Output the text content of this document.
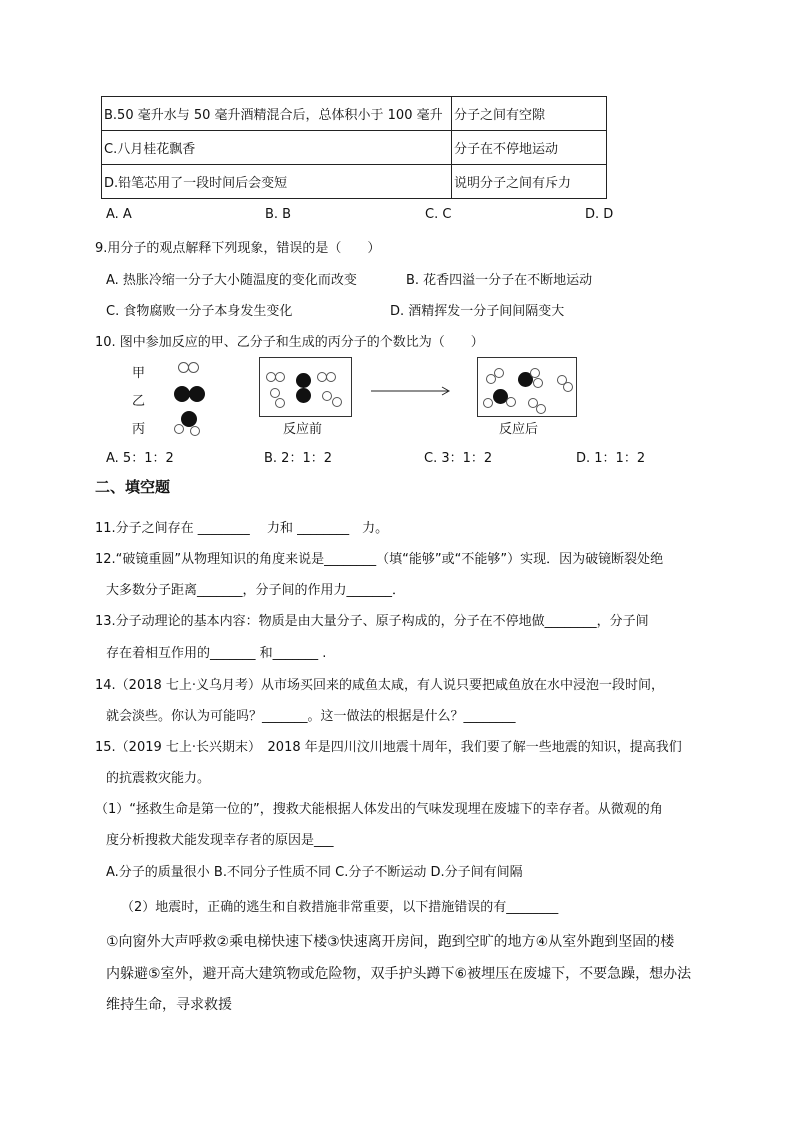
B.50 毫升水与 50 毫升酒精混合后，总体积小于 100 毫升	分子之间有空隙
C.八月桂花飘香	分子在不停地运动
D.铅笔芯用了一段时间后会变短	说明分子之间有斥力
A. A	B. B	C. C	D. D
9.用分子的观点解释下列现象，错误的是（　　）
A. 热胀冷缩一分子大小随温度的变化而改变	B. 花香四溢一分子在不断地运动
C. 食物腐败一分子本身发生变化	D. 酒精挥发一分子间间隔变大
10. 图中参加反应的甲、乙分子和生成的丙分子的个数比为（　　）
甲
乙
丙	反应前	反应后
A. 5：1：2	B. 2：1：2	C. 3：1：2	D. 1：1：2
二、填空题
11.分子之间存在 ________　 力和 ________　力。
12.“破镜重圆”从物理知识的角度来说是________（填“能够”或“不能够”）实现．因为破镜断裂处绝
大多数分子距离_______，分子间的作用力_______．
13.分子动理论的基本内容：物质是由大量分子、原子构成的，分子在不停地做________，分子间
存在着相互作用的_______ 和_______ .
14.（2018 七上·义乌月考）从市场买回来的咸鱼太咸，有人说只要把咸鱼放在水中浸泡一段时间，
就会淡些。你认为可能吗？_______。这一做法的根据是什么？________
15.（2019 七上·长兴期末）　2018 年是四川汶川地震十周年，我们要了解一些地震的知识，提高我们
的抗震救灾能力。
（1）“拯救生命是第一位的”，搜救犬能根据人体发出的气味发现埋在废墟下的幸存者。从微观的角
度分析搜救犬能发现幸存者的原因是___
A.分子的质量很小 B.不同分子性质不同 C.分子不断运动 D.分子间有间隔
（2）地震时，正确的逃生和自救措施非常重要，以下措施错误的有________
①向窗外大声呼救②乘电梯快速下楼③快速离开房间，跑到空旷的地方④从室外跑到坚固的楼
内躲避⑤室外，避开高大建筑物或危险物，双手护头蹲下⑥被埋压在废墟下，不要急躁，想办法
维持生命，寻求救援
